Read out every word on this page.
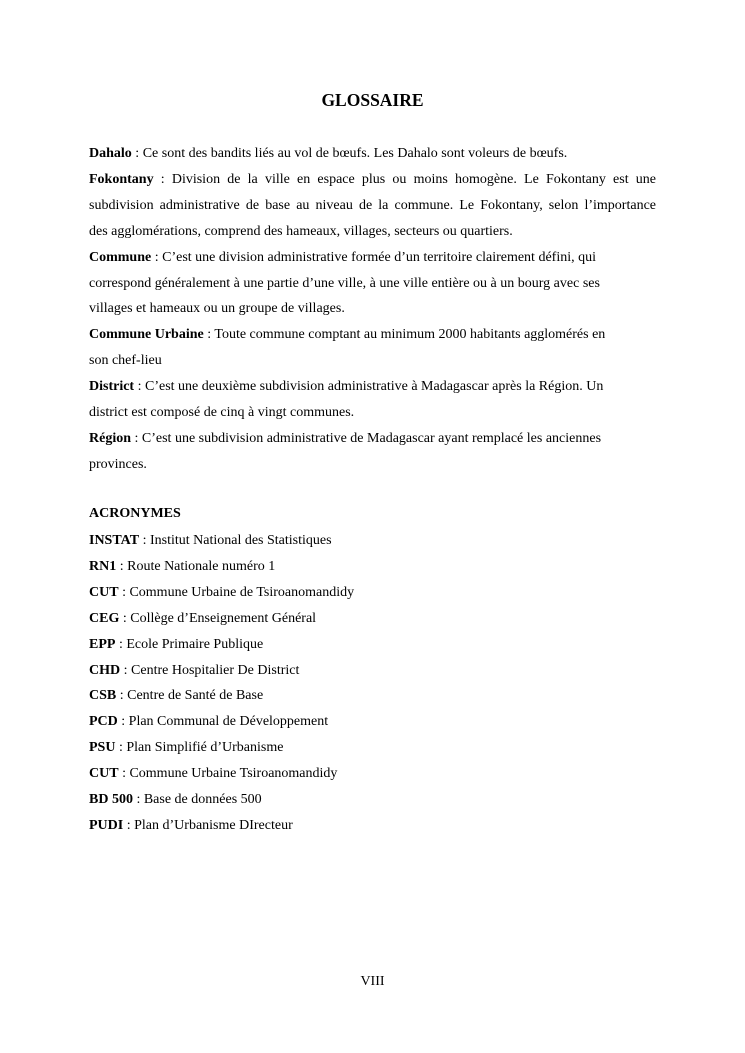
GLOSSAIRE
Dahalo : Ce sont des bandits liés au vol de bœufs. Les Dahalo sont voleurs de bœufs.
Fokontany : Division de la ville en espace plus ou moins homogène. Le Fokontany est une
subdivision administrative de base au niveau de la commune. Le Fokontany, selon l’importance
des agglomérations, comprend des hameaux, villages, secteurs ou quartiers.
Commune : C’est une division administrative formée d’un territoire clairement défini, qui
correspond généralement à une partie d’une ville, à une ville entière ou à un bourg avec ses
villages et hameaux ou un groupe de villages.
Commune Urbaine : Toute commune comptant au minimum 2000 habitants agglomérés en
son chef-lieu
District : C’est une deuxième subdivision administrative à Madagascar après la Région. Un
district est composé de cinq à vingt communes.
Région : C’est une subdivision administrative de Madagascar ayant remplacé les anciennes
provinces.
ACRONYMES
INSTAT : Institut National des Statistiques
RN1 : Route Nationale numéro 1
CUT : Commune Urbaine de Tsiroanomandidy
CEG : Collège d’Enseignement Général
EPP : Ecole Primaire Publique
CHD : Centre Hospitalier De District
CSB : Centre de Santé de Base
PCD : Plan Communal de Développement
PSU : Plan Simplifié d’Urbanisme
CUT : Commune Urbaine Tsiroanomandidy
BD 500 : Base de données 500
PUDI : Plan d’Urbanisme DIrecteur
VIII
